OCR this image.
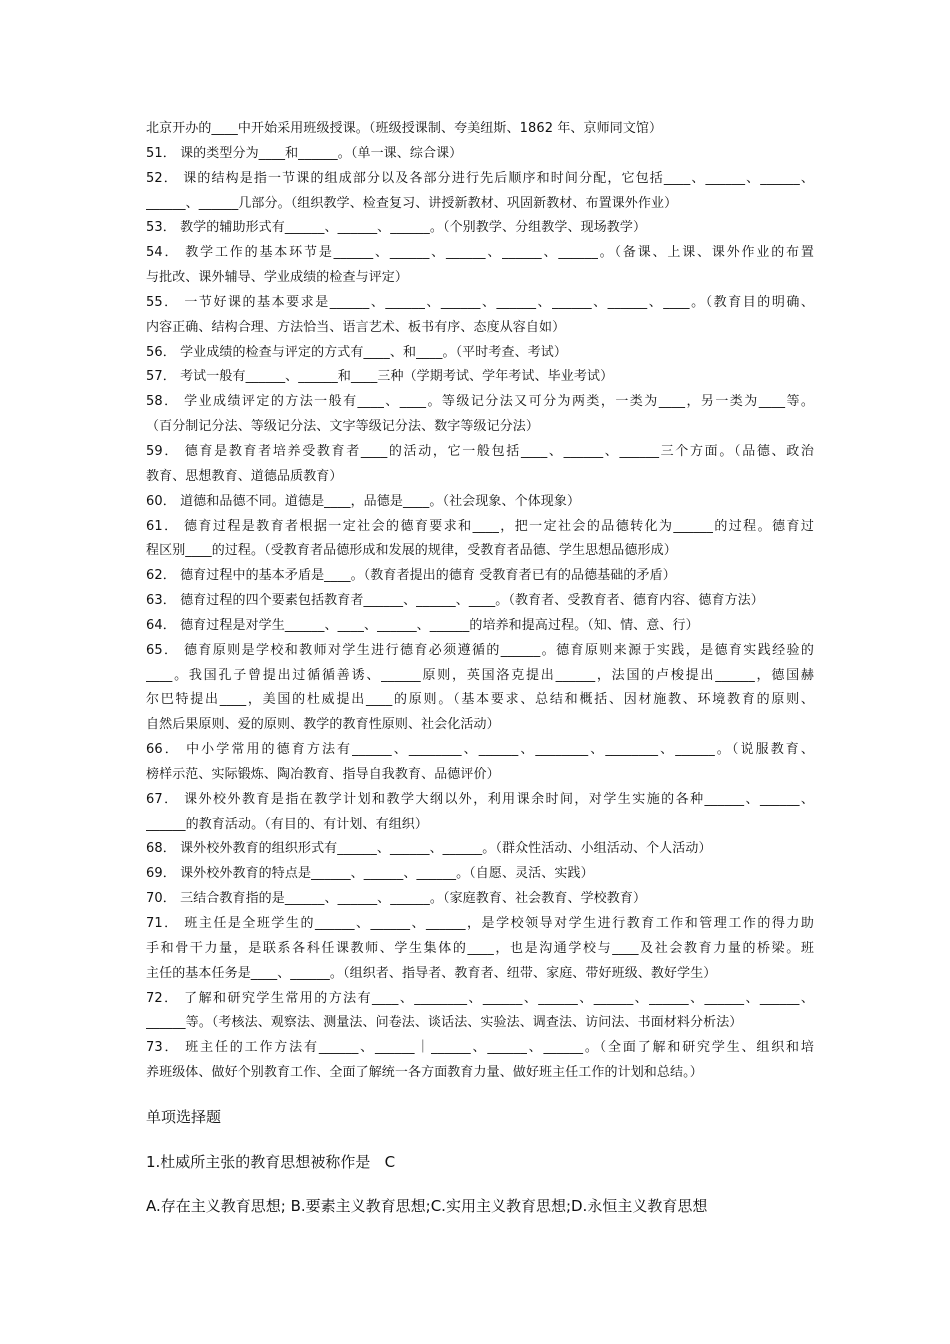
北京开办的____中开始采用班级授课。（班级授课制、夸美纽斯、1862 年、京师同文馆）
51． 课的类型分为____和______。（单一课、综合课）
52． 课的结构是指一节课的组成部分以及各部分进行先后顺序和时间分配，它包括____、______、______、
______、______几部分。（组织教学、检查复习、讲授新教材、巩固新教材、布置课外作业）
53． 教学的辅助形式有______、______、______。（个别教学、分组教学、现场教学）
54． 教学工作的基本环节是______、______、______、______、______。（备课、上课、课外作业的布置
与批改、课外辅导、学业成绩的检查与评定）
55． 一节好课的基本要求是______、______、______、______、______、______、____。（教育目的明确、
内容正确、结构合理、方法恰当、语言艺术、板书有序、态度从容自如）
56． 学业成绩的检查与评定的方式有____、和____。（平时考查、考试）
57． 考试一般有______、______和____三种（学期考试、学年考试、毕业考试）
58． 学业成绩评定的方法一般有____、____。等级记分法又可分为两类，一类为____，另一类为____等。
（百分制记分法、等级记分法、文字等级记分法、数字等级记分法）
59． 德育是教育者培养受教育者____的活动，它一般包括____、______、______三个方面。（品德、政治
教育、思想教育、道德品质教育）
60． 道德和品德不同。道德是____，品德是____。（社会现象、个体现象）
61． 德育过程是教育者根据一定社会的德育要求和____，把一定社会的品德转化为______的过程。德育过
程区别____的过程。（受教育者品德形成和发展的规律，受教育者品德、学生思想品德形成）
62． 德育过程中的基本矛盾是____。（教育者提出的德育 受教育者已有的品德基础的矛盾）
63． 德育过程的四个要素包括教育者______、______、____。（教育者、受教育者、德育内容、德育方法）
64． 德育过程是对学生______、____、______、______的培养和提高过程。（知、情、意、行）
65． 德育原则是学校和教师对学生进行德育必须遵循的______。德育原则来源于实践，是德育实践经验的
____。我国孔子曾提出过循循善诱、______原则，英国洛克提出______，法国的卢梭提出______，德国赫
尔巴特提出____，美国的杜威提出____的原则。（基本要求、总结和概括、因材施教、环境教育的原则、
自然后果原则、爱的原则、教学的教育性原则、社会化活动）
66． 中小学常用的德育方法有______、________、______、________、________、______。（说服教育、
榜样示范、实际锻炼、陶冶教育、指导自我教育、品德评价）
67． 课外校外教育是指在教学计划和教学大纲以外，利用课余时间，对学生实施的各种______、______、
______的教育活动。（有目的、有计划、有组织）
68． 课外校外教育的组织形式有______、______、______。（群众性活动、小组活动、个人活动）
69． 课外校外教育的特点是______、______、______。（自愿、灵活、实践）
70． 三结合教育指的是______、______、______。（家庭教育、社会教育、学校教育）
71． 班主任是全班学生的______、______、______，是学校领导对学生进行教育工作和管理工作的得力助
手和骨干力量，是联系各科任课教师、学生集体的____，也是沟通学校与____及社会教育力量的桥梁。班
主任的基本任务是____、______。（组织者、指导者、教育者、纽带、家庭、带好班级、教好学生）
72． 了解和研究学生常用的方法有____、________、______、______、______、______、______、______、
______等。（考核法、观察法、测量法、问卷法、谈话法、实验法、调查法、访问法、书面材料分析法）
73． 班主任的工作方法有______、______｜______、______、______。（全面了解和研究学生、组织和培
养班级体、做好个别教育工作、全面了解统一各方面教育力量、做好班主任工作的计划和总结。）
单项选择题
1.杜威所主张的教育思想被称作是 C
A.存在主义教育思想; B.要素主义教育思想;C.实用主义教育思想;D.永恒主义教育思想
